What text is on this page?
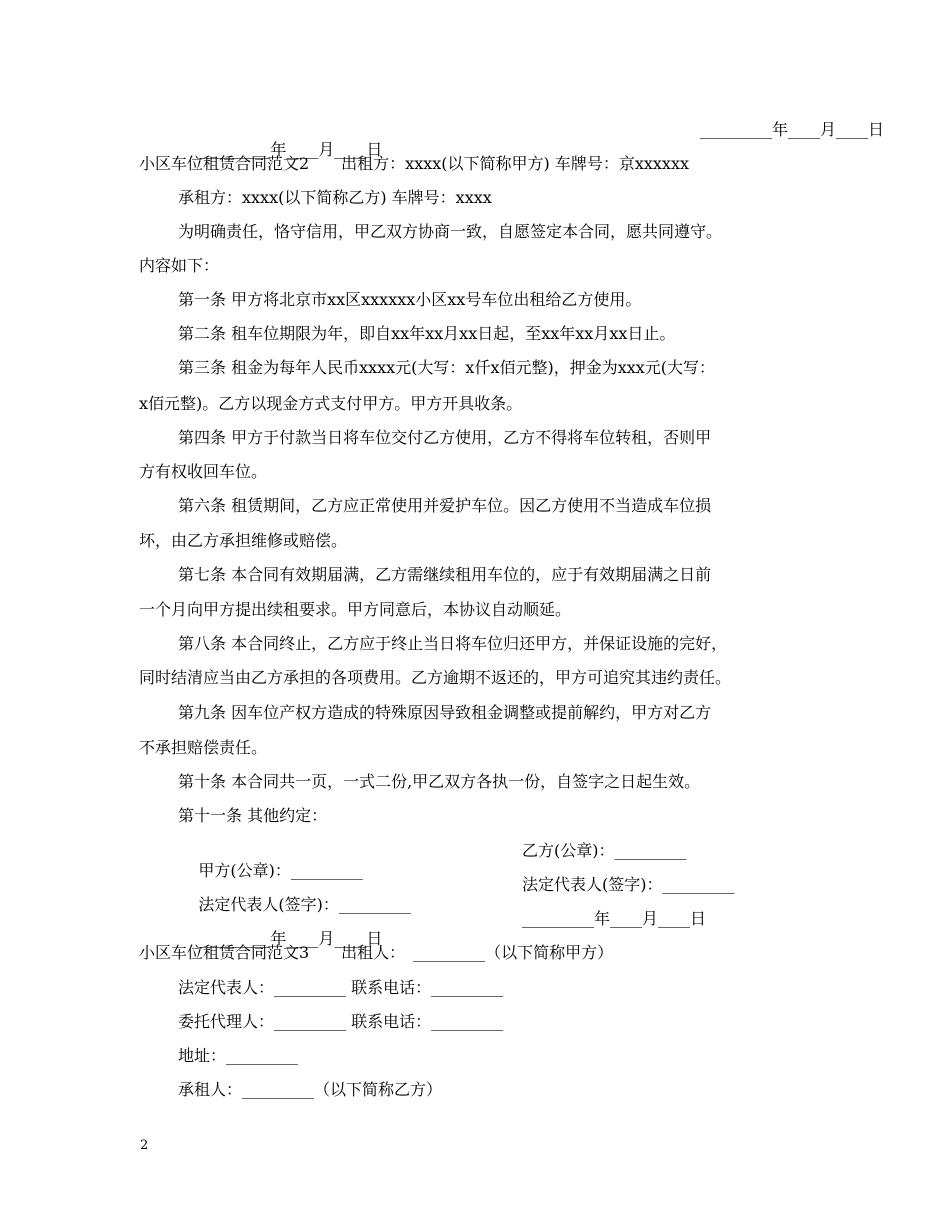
_________年____月____日

_________年____月____日

小区车位租赁合同范文2　　出租方：xxxx(以下简称甲方) 车牌号：京xxxxxx
承租方：xxxx(以下简称乙方) 车牌号：xxxx
为明确责任，恪守信用，甲乙双方协商一致，自愿签定本合同，愿共同遵守。
内容如下：
第一条 甲方将北京市xx区xxxxxx小区xx号车位出租给乙方使用。
第二条 租车位期限为年，即自xx年xx月xx日起，至xx年xx月xx日止。
第三条 租金为每年人民币xxxx元(大写：x仟x佰元整)，押金为xxx元(大写：
x佰元整)。乙方以现金方式支付甲方。甲方开具收条。
第四条 甲方于付款当日将车位交付乙方使用，乙方不得将车位转租，否则甲
方有权收回车位。
第六条 租赁期间，乙方应正常使用并爱护车位。因乙方使用不当造成车位损
坏，由乙方承担维修或赔偿。
第七条 本合同有效期届满，乙方需继续租用车位的，应于有效期届满之日前
一个月向甲方提出续租要求。甲方同意后，本协议自动顺延。
第八条 本合同终止，乙方应于终止当日将车位归还甲方，并保证设施的完好，
同时结清应当由乙方承担的各项费用。乙方逾期不返还的，甲方可追究其违约责任。
第九条 因车位产权方造成的特殊原因导致租金调整或提前解约，甲方对乙方
不承担赔偿责任。
第十条 本合同共一页，一式二份,甲乙双方各执一份，自签字之日起生效。
第十一条 其他约定：

甲方(公章)：_________

乙方(公章)：_________

法定代表人(签字)：_________

法定代表人(签字)：_________

_________年____月____日

_________年____月____日

小区车位租赁合同范文3　　出租人：　_________（以下简称甲方）
法定代表人：_________ 联系电话：_________
委托代理人：_________ 联系电话：_________
地址：_________
承租人：_________（以下简称乙方）
2
